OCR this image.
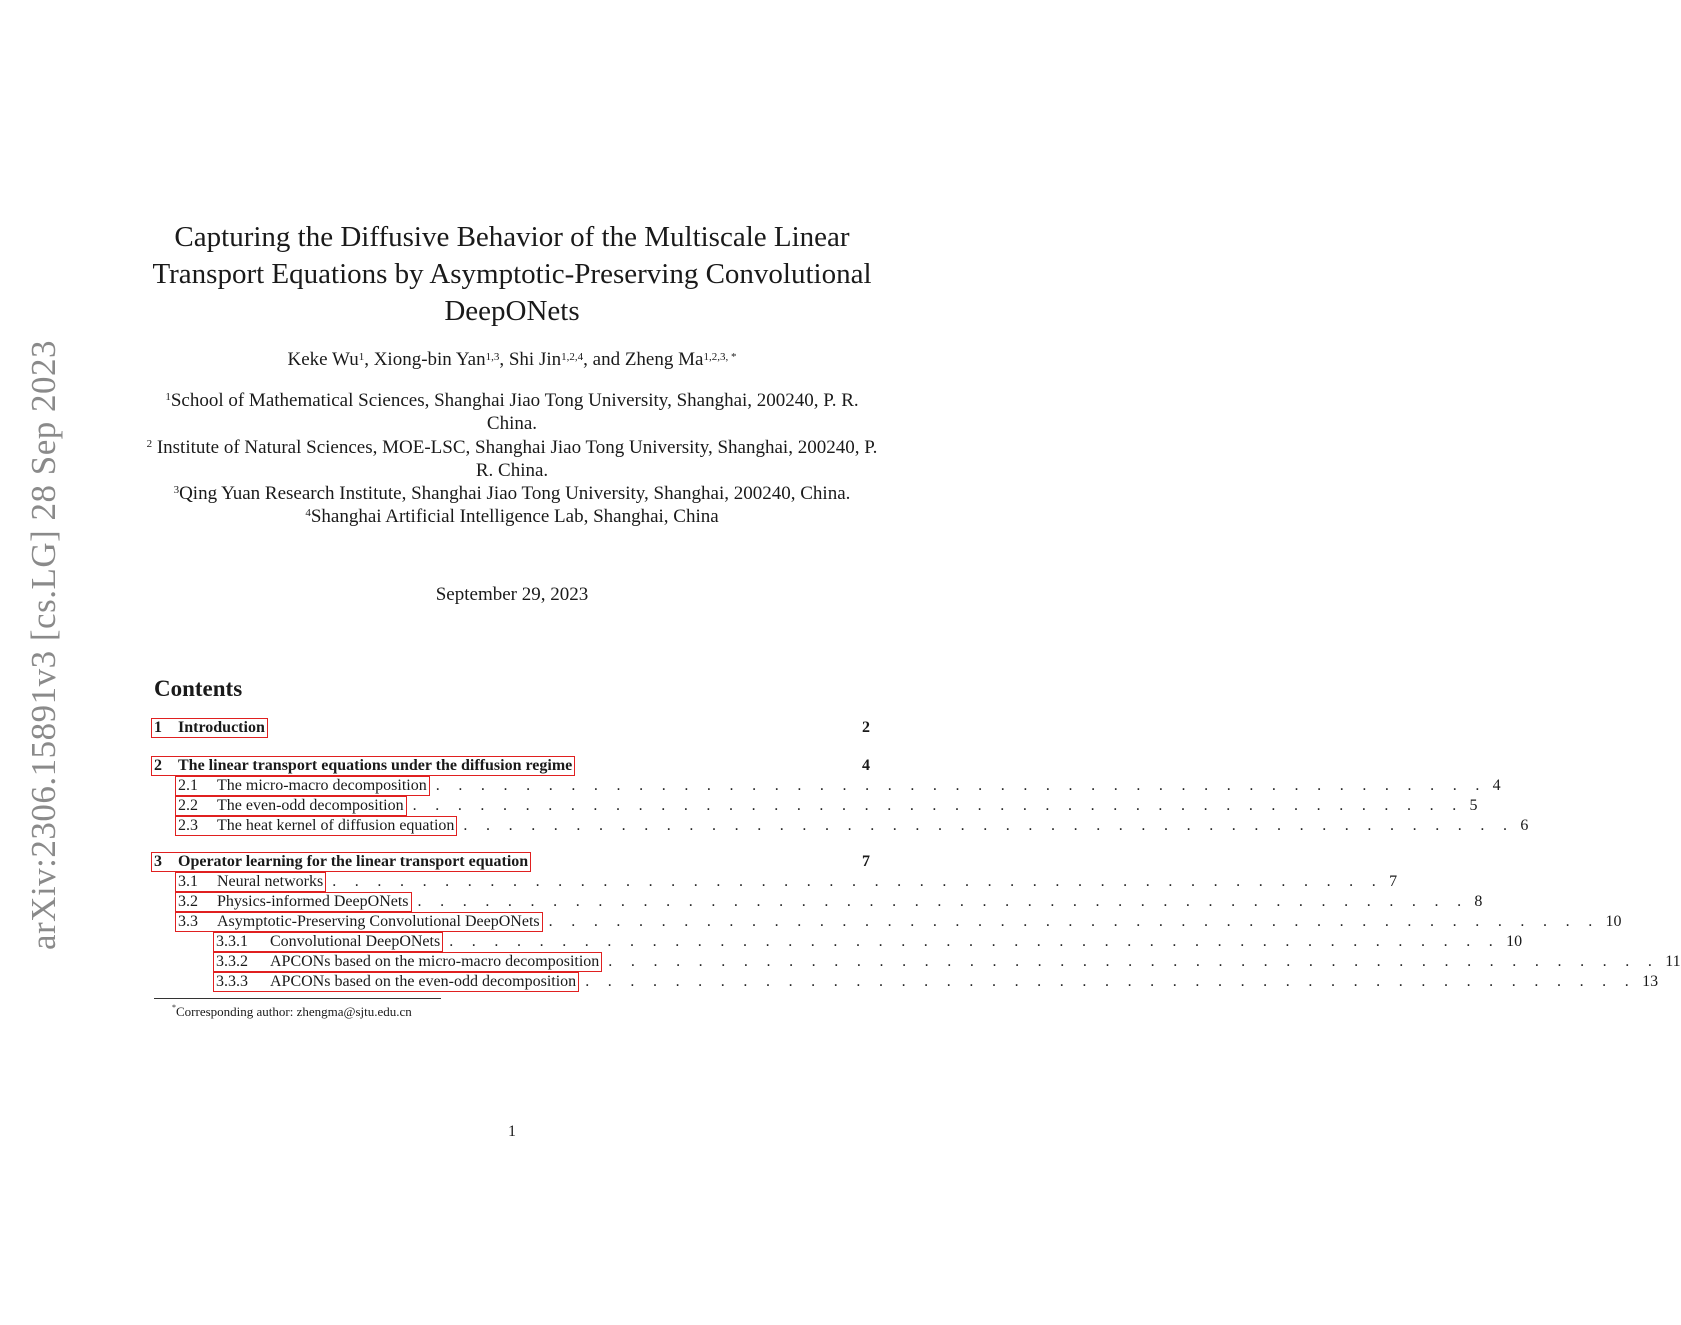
arXiv:2306.15891v3 [cs.LG] 28 Sep 2023
Capturing the Diffusive Behavior of the Multiscale Linear Transport Equations by Asymptotic-Preserving Convolutional DeepONets
Keke Wu$^1$, Xiong-bin Yan$^{1,3}$, Shi Jin$^{1,2,4}$, and Zheng $Ma^{1,2,3, *}$
$^1$School of Mathematical Sciences, Shanghai Jiao Tong University, Shanghai, 200240, P. R. China.
$^2$ Institute of Natural Sciences, MOE-LSC, Shanghai Jiao Tong University, Shanghai, 200240, P. R. China.
$^3$Qing Yuan Research Institute, Shanghai Jiao Tong University, Shanghai, 200240, China.
$^4$Shanghai Artificial Intelligence Lab, Shanghai, China
September 29, 2023
Contents
1	Introduction	2
2	The linear transport equations under the diffusion regime	4
2.1	The micro-macro decomposition . . . . . . . . . . . . . . . . . . . . . . . . . . . . . . . . . . . . . . . . . . . . . . . 4
2.2	The even-odd decomposition . . . . . . . . . . . . . . . . . . . . . . . . . . . . . . . . . . . . . . . . . . . . . . . 5
2.3	The heat kernel of diffusion equation . . . . . . . . . . . . . . . . . . . . . . . . . . . . . . . . . . . . . . . . . . . . . . . 6
3	Operator learning for the linear transport equation	7
3.1	Neural networks . . . . . . . . . . . . . . . . . . . . . . . . . . . . . . . . . . . . . . . . . . . . . . . 7
3.2	Physics-informed DeepONets . . . . . . . . . . . . . . . . . . . . . . . . . . . . . . . . . . . . . . . . . . . . . . . 8
3.3	Asymptotic-Preserving Convolutional DeepONets . . . . . . . . . . . . . . . . . . . . . . . . . . . . . . . . . . . . . . . . . . . . . . . 10
3.3.1	Convolutional DeepONets . . . . . . . . . . . . . . . . . . . . . . . . . . . . . . . . . . . . . . . . . . . . . . . 10
3.3.2	APCONs based on the micro-macro decomposition . . . . . . . . . . . . . . . . . . . . . . . . . . . . . . . . . . . . . . . . . . . . . . . 11
3.3.3	APCONs based on the even-odd decomposition . . . . . . . . . . . . . . . . . . . . . . . . . . . . . . . . . . . . . . . . . . . . . . . 13
*Corresponding author: zhengma@sjtu.edu.cn
1
